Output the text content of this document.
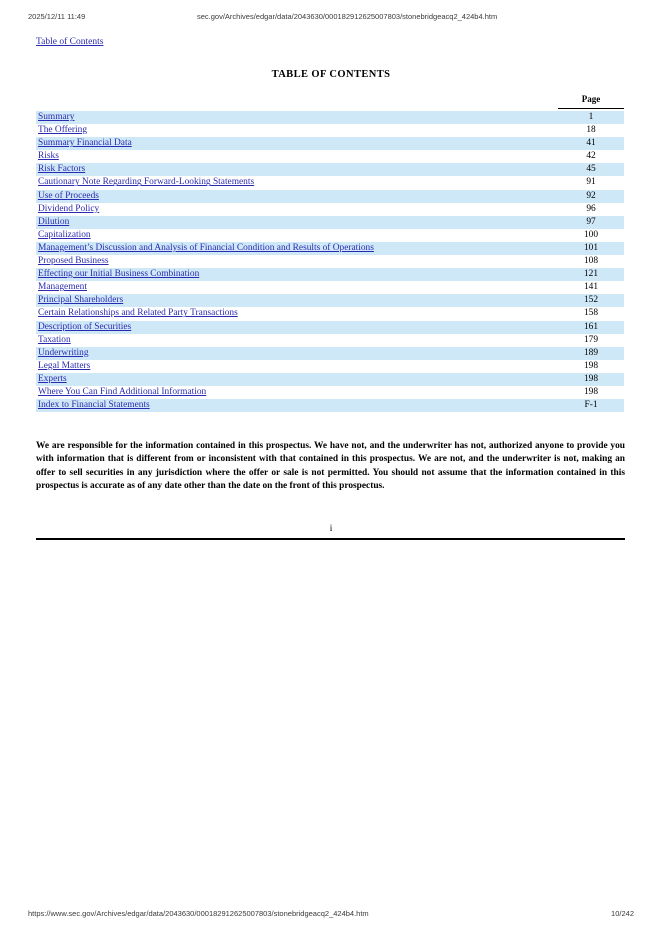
2025/12/11 11:49	sec.gov/Archives/edgar/data/2043630/000182912625007803/stonebridgeacq2_424b4.htm
Table of Contents
TABLE OF CONTENTS
Page
Summary	1
The Offering	18
Summary Financial Data	41
Risks	42
Risk Factors	45
Cautionary Note Regarding Forward-Looking Statements	91
Use of Proceeds	92
Dividend Policy	96
Dilution	97
Capitalization	100
Management’s Discussion and Analysis of Financial Condition and Results of Operations	101
Proposed Business	108
Effecting our Initial Business Combination	121
Management	141
Principal Shareholders	152
Certain Relationships and Related Party Transactions	158
Description of Securities	161
Taxation	179
Underwriting	189
Legal Matters	198
Experts	198
Where You Can Find Additional Information	198
Index to Financial Statements	F-1
We are responsible for the information contained in this prospectus. We have not, and the underwriter has not, authorized anyone to provide you with information that is different from or inconsistent with that contained in this prospectus. We are not, and the underwriter is not, making an offer to sell securities in any jurisdiction where the offer or sale is not permitted. You should not assume that the information contained in this prospectus is accurate as of any date other than the date on the front of this prospectus.
i
https://www.sec.gov/Archives/edgar/data/2043630/000182912625007803/stonebridgeacq2_424b4.htm	10/242
